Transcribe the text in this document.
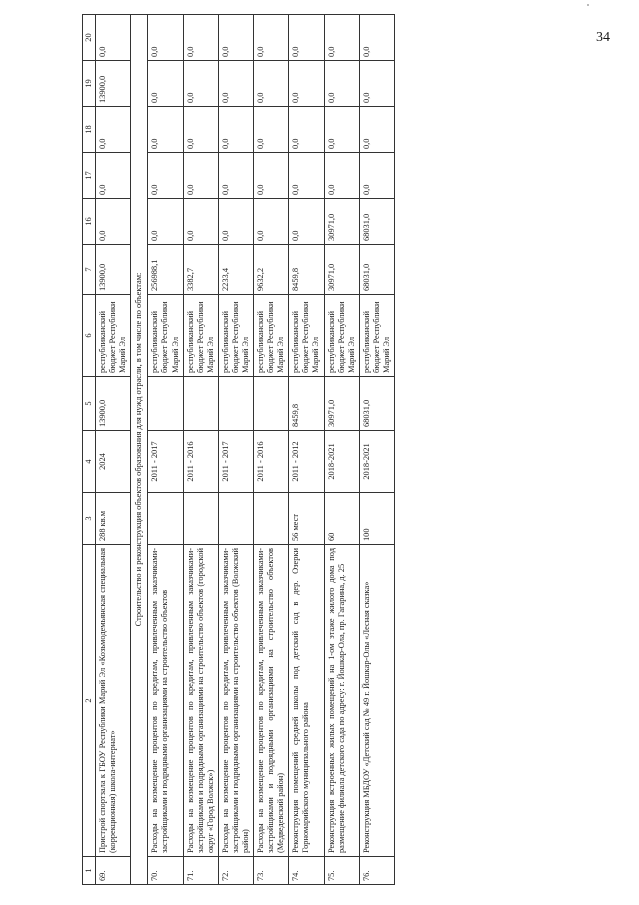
34
1	2	3	4	5	6	7	16	17	18	19	20
69.	Пристрой спортзала к ГБОУ Республики Марий Эл «Козьмодемьянская специальная (коррекционная) школа-интернат»	288 кв.м	2024	13900,0	республиканский бюджет Республики Марий Эл	13900,0	0,0	0,0	0,0	13900,0	0,0
Строительство и реконструкция объектов образования для нужд отрасли, в том числе по объектам:											
70.	Расходы на возмещение процентов по кредитам, привлеченным заказчиками-застройщиками и подрядными организациями на строительство объектов		2011 - 2017		республиканский бюджет Республики Марий Эл	256988,1	0,0	0,0	0,0	0,0	0,0
71.	Расходы на возмещение процентов по кредитам, привлеченным заказчиками-застройщиками и подрядными организациями на строительство объектов (городской округ «Город Волжск»)		2011 - 2016		республиканский бюджет Республики Марий Эл	3382,7	0,0	0,0	0,0	0,0	0,0
72.	Расходы на возмещение процентов по кредитам, привлеченным заказчиками-застройщиками и подрядными организациями на строительство объектов (Волжский район)		2011 - 2017		республиканский бюджет Республики Марий Эл	2233,4	0,0	0,0	0,0	0,0	0,0
73.	Расходы на возмещение процентов по кредитам, привлеченным заказчиками-застройщиками и подрядными организациями на строительство объектов (Медведевский район)		2011 - 2016		республиканский бюджет Республики Марий Эл	9632,2	0,0	0,0	0,0	0,0	0,0
74.	Реконструкция помещений средней школы под детский сад в дер. Озерки Горномарийского муниципального района	56 мест	2011 - 2012	8459,8	республиканский бюджет Республики Марий Эл	8459,8	0,0	0,0	0,0	0,0	0,0
75.	Реконструкция встроенных жилых помещений на 1-ом этаже жилого дома под размещение филиала детского сада по адресу: г. Йошкар-Ола, пр. Гагарина, д. 25	60	2018-2021	30971,0	республиканский бюджет Республики Марий Эл	30971,0	30971,0	0,0	0,0	0,0	0,0
76.	Реконструкция МБДОУ «Детский сад № 49 г. Йошкар-Олы «Лесная сказка»	100	2018-2021	68031,0	республиканский бюджет Республики Марий Эл	68031,0	68031,0	0,0	0,0	0,0	0,0
